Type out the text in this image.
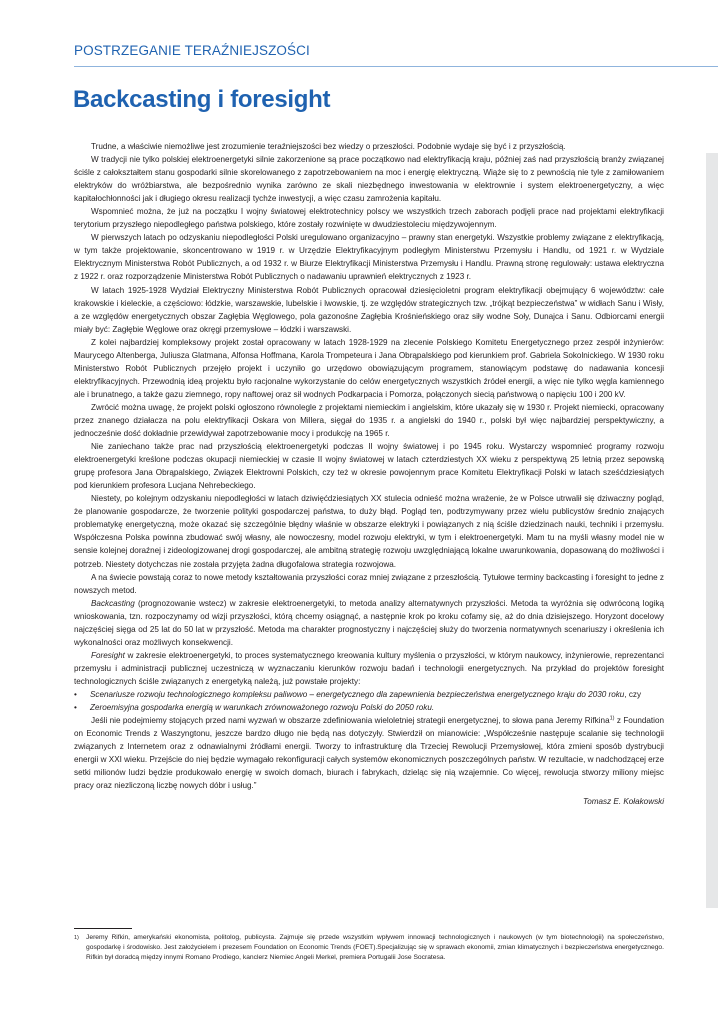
POSTRZEGANIE TERAŹNIEJSZOŚCI
Backcasting i foresight

Trudne, a właściwie niemożliwe jest zrozumienie teraźniejszości bez wiedzy o przeszłości. Podobnie wydaje się być i z przyszłością.

W tradycji nie tylko polskiej elektroenergetyki silnie zakorzenione są prace początkowo nad elektryfikacją kraju, później zaś nad przyszłością branży związanej ściśle z całokształtem stanu gospodarki silnie skorelowanego z zapotrzebowaniem na moc i energię elektryczną. Wiąże się to z pewnością nie tyle z zamiłowaniem elektryków do wróżbiarstwa, ale bezpośrednio wynika zarówno ze skali niezbędnego inwestowania w elektrownie i system elektroenergetyczny, a więc kapitałochłonności jak i długiego okresu realizacji tychże inwestycji, a więc czasu zamrożenia kapitału.

Wspomnieć można, że już na początku I wojny światowej elektrotechnicy polscy we wszystkich trzech zaborach podjęli prace nad projektami elektryfikacji terytorium przyszłego niepodległego państwa polskiego, które zostały rozwinięte w dwudziestoleciu międzywojennym.

W pierwszych latach po odzyskaniu niepodległości Polski uregulowano organizacyjno – prawny stan energetyki. Wszystkie problemy związane z elektryfikacją, w tym także projektowanie, skoncentrowano w 1919 r. w Urzędzie Elektryfikacyjnym podległym Ministerstwu Przemysłu i Handlu, od 1921 r. w Wydziale Elektrycznym Ministerstwa Robót Publicznych, a od 1932 r. w Biurze Elektryfikacji Ministerstwa Przemysłu i Handlu. Prawną stronę regulowały: ustawa elektryczna z 1922 r. oraz rozporządzenie Ministerstwa Robót Publicznych o nadawaniu uprawnień elektrycznych z 1923 r.

W latach 1925-1928 Wydział Elektryczny Ministerstwa Robót Publicznych opracował dziesięcioletni program elektryfikacji obejmujący 6 województw: całe krakowskie i kieleckie, a częściowo: łódzkie, warszawskie, lubelskie i lwowskie, tj. ze względów strategicznych tzw. „trójkąt bezpieczeństwa” w widłach Sanu i Wisły, a ze względów energetycznych obszar Zagłębia Węglowego, pola gazonośne Zagłębia Krośnieńskiego oraz siły wodne Soły, Dunajca i Sanu. Odbiorcami energii miały być: Zagłębie Węglowe oraz okręgi przemysłowe – łódzki i warszawski.

Z kolei najbardziej kompleksowy projekt został opracowany w latach 1928-1929 na zlecenie Polskiego Komitetu Energetycznego przez zespół inżynierów: Maurycego Altenberga, Juliusza Glatmana, Alfonsa Hoffmana, Karola Trompeteura i Jana Obrąpalskiego pod kierunkiem prof. Gabriela Sokolnickiego. W 1930 roku Ministerstwo Robót Publicznych przejęło projekt i uczyniło go urzędowo obowiązującym programem, stanowiącym podstawę do nadawania koncesji elektryfikacyjnych. Przewodnią ideą projektu było racjonalne wykorzystanie do celów energetycznych wszystkich źródeł energii, a więc nie tylko węgla kamiennego ale i brunatnego, a także gazu ziemnego, ropy naftowej oraz sił wodnych Podkarpacia i Pomorza, połączonych siecią państwową o napięciu 100 i 200 kV.

Zwrócić można uwagę, że projekt polski ogłoszono równolegle z projektami niemieckim i angielskim, które ukazały się w 1930 r. Projekt niemiecki, opracowany przez znanego działacza na polu elektryfikacji Oskara von Millera, sięgał do 1935 r. a angielski do 1940 r., polski był więc najbardziej perspektywiczny, a jednocześnie dość dokładnie przewidywał zapotrzebowanie mocy i produkcję na 1965 r.

Nie zaniechano także prac nad przyszłością elektroenergetyki podczas II wojny światowej i po 1945 roku. Wystarczy wspomnieć programy rozwoju elektroenergetyki kreślone podczas okupacji niemieckiej w czasie II wojny światowej w latach czterdziestych XX wieku z perspektywą 25 letnią przez sepowską grupę profesora Jana Obrąpalskiego, Związek Elektrowni Polskich, czy też w okresie powojennym prace Komitetu Elektryfikacji Polski w latach sześćdziesiątych pod kierunkiem profesora Lucjana Nehrebeckiego.

Niestety, po kolejnym odzyskaniu niepodległości w latach dziwięćdziesiątych XX stulecia odnieść można wrażenie, że w Polsce utrwalił się dziwaczny pogląd, że planowanie gospodarcze, że tworzenie polityki gospodarczej państwa, to duży błąd. Pogląd ten, podtrzymywany przez wielu publicystów średnio znających problematykę energetyczną, może okazać się szczególnie błędny właśnie w obszarze elektryki i powiązanych z nią ściśle dziedzinach nauki, techniki i przemysłu. Współczesna Polska powinna zbudować swój własny, ale nowoczesny, model rozwoju elektryki, w tym i elektroenergetyki. Mam tu na myśli własny model nie w sensie kolejnej doraźnej i zideologizowanej drogi gospodarczej, ale ambitną strategię rozwoju uwzględniającą lokalne uwarunkowania, dopasowaną do możliwości i potrzeb. Niestety dotychczas nie została przyjęta żadna długofalowa strategia rozwojowa.

A na świecie powstają coraz to nowe metody kształtowania przyszłości coraz mniej związane z przeszłością. Tytułowe terminy backcasting i foresight to jedne z nowszych metod.

Backcasting (prognozowanie wstecz) w zakresie elektroenergetyki, to metoda analizy alternatywnych przyszłości. Metoda ta wyróżnia się odwróconą logiką wnioskowania, tzn. rozpoczynamy od wizji przyszłości, którą chcemy osiągnąć, a następnie krok po kroku cofamy się, aż do dnia dzisiejszego. Horyzont docelowy najczęściej sięga od 25 lat do 50 lat w przyszłość. Metoda ma charakter prognostyczny i najczęściej służy do tworzenia normatywnych scenariuszy i określenia ich wykonalności oraz możliwych konsekwencji.

Foresight w zakresie elektroenergetyki, to proces systematycznego kreowania kultury myślenia o przyszłości, w którym naukowcy, inżynierowie, reprezentanci przemysłu i administracji publicznej uczestniczą w wyznaczaniu kierunków rozwoju badań i technologii energetycznych. Na przykład do projektów foresight technologicznych ściśle związanych z energetyką należą, już powstałe projekty:

• Scenariusze rozwoju technologicznego kompleksu paliwowo – energetycznego dla zapewnienia bezpieczeństwa energetycznego kraju do 2030 roku, czy
• Zeroemisyjna gospodarka energią w warunkach zrównoważonego rozwoju Polski do 2050 roku.

Jeśli nie podejmiemy stojących przed nami wyzwań w obszarze zdefiniowania wieloletniej strategii energetycznej, to słowa pana Jeremy Rifkina$^{1)}$ z Foundation on Economic Trends z Waszyngtonu, jeszcze bardzo długo nie będą nas dotyczyły. Stwierdził on mianowicie: „Współcześnie następuje scalanie się technologii związanych z Internetem oraz z odnawialnymi źródłami energii. Tworzy to infrastrukturę dla Trzeciej Rewolucji Przemysłowej, która zmieni sposób dystrybucji energii w XXI wieku. Przejście do niej będzie wymagało rekonfiguracji całych systemów ekonomicznych poszczególnych państw. W rezultacie, w nadchodzącej erze setki milionów ludzi będzie produkowało energię w swoich domach, biurach i fabrykach, dzieląc się nią wzajemnie. Co więcej, rewolucja stworzy miliony miejsc pracy oraz niezliczoną liczbę nowych dóbr i usług.”

Tomasz E. Kołakowski
1) Jeremy Rifkin, amerykański ekonomista, politolog, publicysta. Zajmuje się przede wszystkim wpływem innowacji technologicznych i naukowych (w tym biotechnologii) na społeczeństwo, gospodarkę i środowisko. Jest założycielem i prezesem Foundation on Economic Trends (FOET).Specjalizując się w sprawach ekonomii, zmian klimatycznych i bezpieczeństwa energetycznego. Rifkin był doradcą między innymi Romano Prodiego, kanclerz Niemiec Angeli Merkel, premiera Portugalii Jose Socratesa.
